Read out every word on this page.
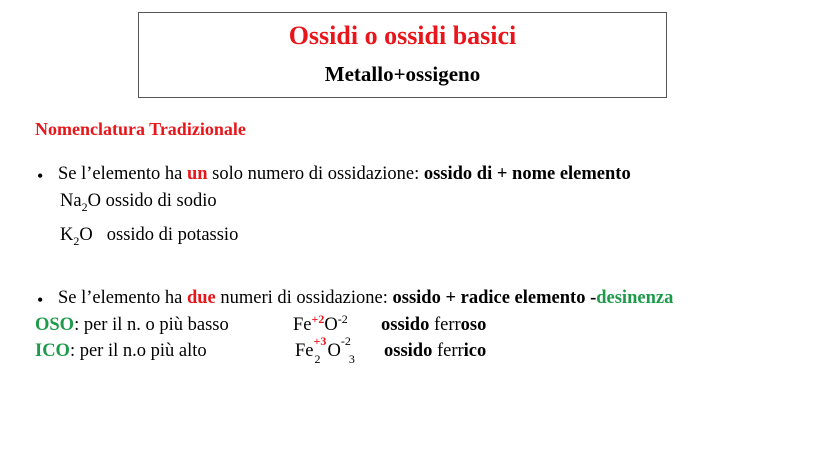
Ossidi o ossidi basici
Metallo+ossigeno
Nomenclatura Tradizionale
• Se l’elemento ha un solo numero di ossidazione: ossido di + nome elemento
$Na_2O$ ossido di sodio
$K_2O$ ossido di potassio
• Se l’elemento ha due numeri di ossidazione: ossido + radice elemento -desinenza
OSO: per il n. o più basso	$Fe^{+2}O^{-2}$ ossido ferroso
ICO: per il n.o più alto	Fe +3
2 O -2
3 ossido ferrico
